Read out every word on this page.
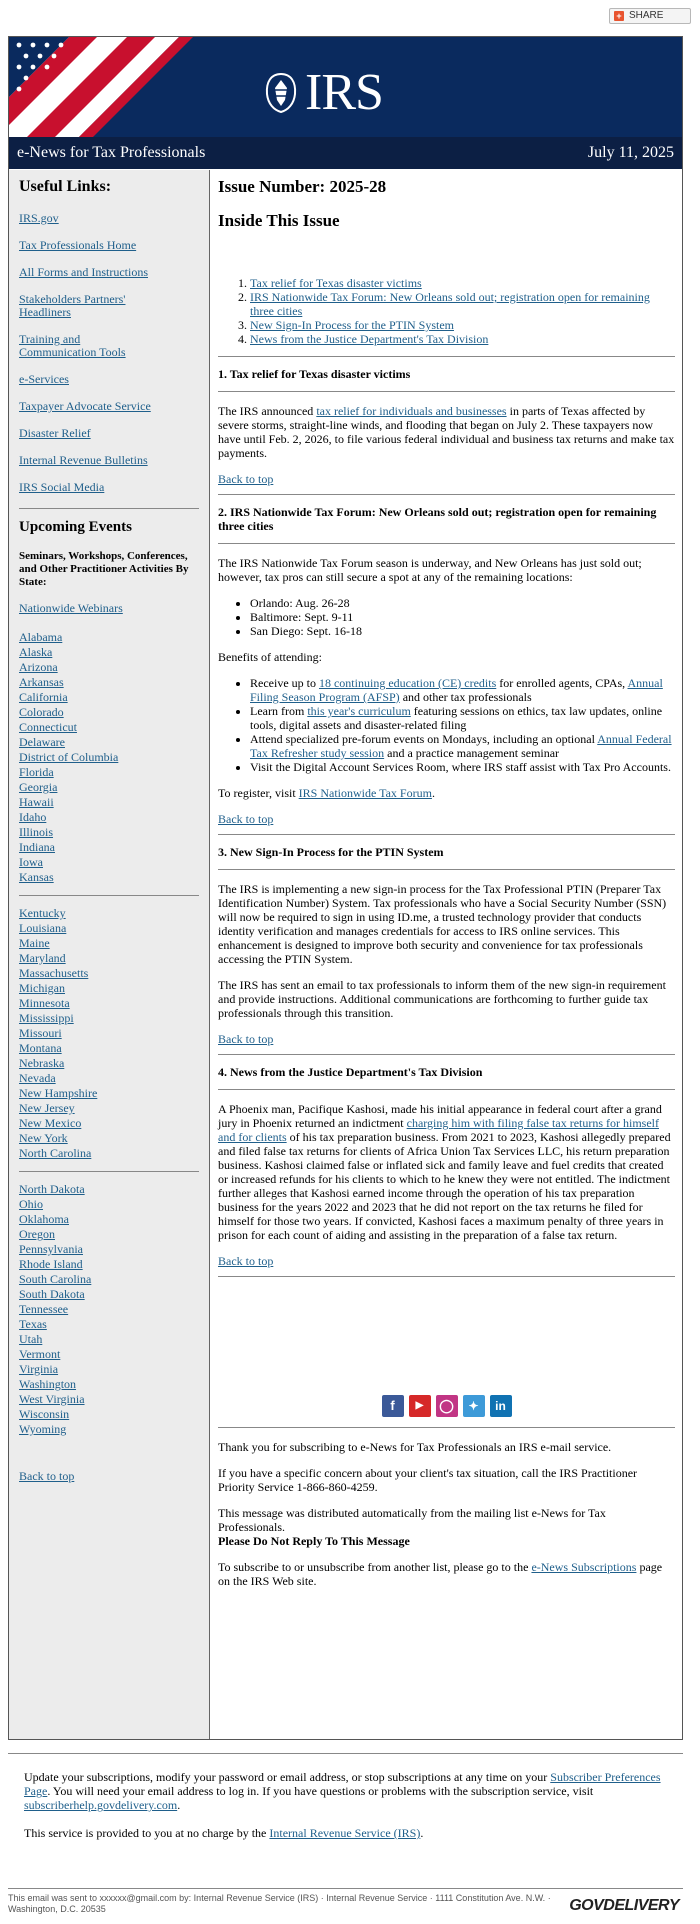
+ SHARE
IRS
e-News for Tax Professionals	July 11, 2025
Useful Links:
IRS.gov
Tax Professionals Home
All Forms and Instructions
Stakeholders Partners' Headliners
Training and Communication Tools
e-Services
Taxpayer Advocate Service
Disaster Relief
Internal Revenue Bulletins
IRS Social Media
Upcoming Events
Seminars, Workshops, Conferences, and Other Practitioner Activities By State:
Nationwide Webinars
Alabama
Alaska
Arizona
Arkansas
California
Colorado
Connecticut
Delaware
District of Columbia
Florida
Georgia
Hawaii
Idaho
Illinois
Indiana
Iowa
Kansas
Kentucky
Louisiana
Maine
Maryland
Massachusetts
Michigan
Minnesota
Mississippi
Missouri
Montana
Nebraska
Nevada
New Hampshire
New Jersey
New Mexico
New York
North Carolina
North Dakota
Ohio
Oklahoma
Oregon
Pennsylvania
Rhode Island
South Carolina
South Dakota
Tennessee
Texas
Utah
Vermont
Virginia
Washington
West Virginia
Wisconsin
Wyoming
Back to top
Issue Number: 2025-28
Inside This Issue
1. Tax relief for Texas disaster victims
2. IRS Nationwide Tax Forum: New Orleans sold out; registration open for remaining three cities
3. New Sign-In Process for the PTIN System
4. News from the Justice Department's Tax Division
1. Tax relief for Texas disaster victims

The IRS announced tax relief for individuals and businesses in parts of Texas affected by severe storms, straight-line winds, and flooding that began on July 2. These taxpayers now have until Feb. 2, 2026, to file various federal individual and business tax returns and make tax payments.

Back to top
2. IRS Nationwide Tax Forum: New Orleans sold out; registration open for remaining three cities

The IRS Nationwide Tax Forum season is underway, and New Orleans has just sold out; however, tax pros can still secure a spot at any of the remaining locations:

• Orlando: Aug. 26-28
• Baltimore: Sept. 9-11
• San Diego: Sept. 16-18

Benefits of attending:

• Receive up to 18 continuing education (CE) credits for enrolled agents, CPAs, Annual Filing Season Program (AFSP) and other tax professionals
• Learn from this year's curriculum featuring sessions on ethics, tax law updates, online tools, digital assets and disaster-related filing
• Attend specialized pre-forum events on Mondays, including an optional Annual Federal Tax Refresher study session and a practice management seminar
• Visit the Digital Account Services Room, where IRS staff assist with Tax Pro Accounts.

To register, visit IRS Nationwide Tax Forum.

Back to top
3. New Sign-In Process for the PTIN System

The IRS is implementing a new sign-in process for the Tax Professional PTIN (Preparer Tax Identification Number) System. Tax professionals who have a Social Security Number (SSN) will now be required to sign in using ID.me, a trusted technology provider that conducts identity verification and manages credentials for access to IRS online services. This enhancement is designed to improve both security and convenience for tax professionals accessing the PTIN System.

The IRS has sent an email to tax professionals to inform them of the new sign-in requirement and provide instructions. Additional communications are forthcoming to further guide tax professionals through this transition.

Back to top
4. News from the Justice Department's Tax Division

A Phoenix man, Pacifique Kashosi, made his initial appearance in federal court after a grand jury in Phoenix returned an indictment charging him with filing false tax returns for himself and for clients of his tax preparation business. From 2021 to 2023, Kashosi allegedly prepared and filed false tax returns for clients of Africa Union Tax Services LLC, his return preparation business. Kashosi claimed false or inflated sick and family leave and fuel credits that created or increased refunds for his clients to which to he knew they were not entitled. The indictment further alleges that Kashosi earned income through the operation of his tax preparation business for the years 2022 and 2023 that he did not report on the tax returns he filed for himself for those two years. If convicted, Kashosi faces a maximum penalty of three years in prison for each count of aiding and assisting in the preparation of a false tax return.

Back to top
f	▶	◯	✦	in

Thank you for subscribing to e-News for Tax Professionals an IRS e-mail service.

If you have a specific concern about your client's tax situation, call the IRS Practitioner Priority Service 1-866-860-4259.

This message was distributed automatically from the mailing list e-News for Tax Professionals.
Please Do Not Reply To This Message

To subscribe to or unsubscribe from another list, please go to the e-News Subscriptions page on the IRS Web site.

Update your subscriptions, modify your password or email address, or stop subscriptions at any time on your Subscriber Preferences Page. You will need your email address to log in. If you have questions or problems with the subscription service, visit subscriberhelp.govdelivery.com.

This service is provided to you at no charge by the Internal Revenue Service (IRS).

This email was sent to xxxxxx@gmail.com by: Internal Revenue Service (IRS) · Internal Revenue Service · 1111 Constitution Ave. N.W. · Washington, D.C. 20535	GOVDELIVERY
